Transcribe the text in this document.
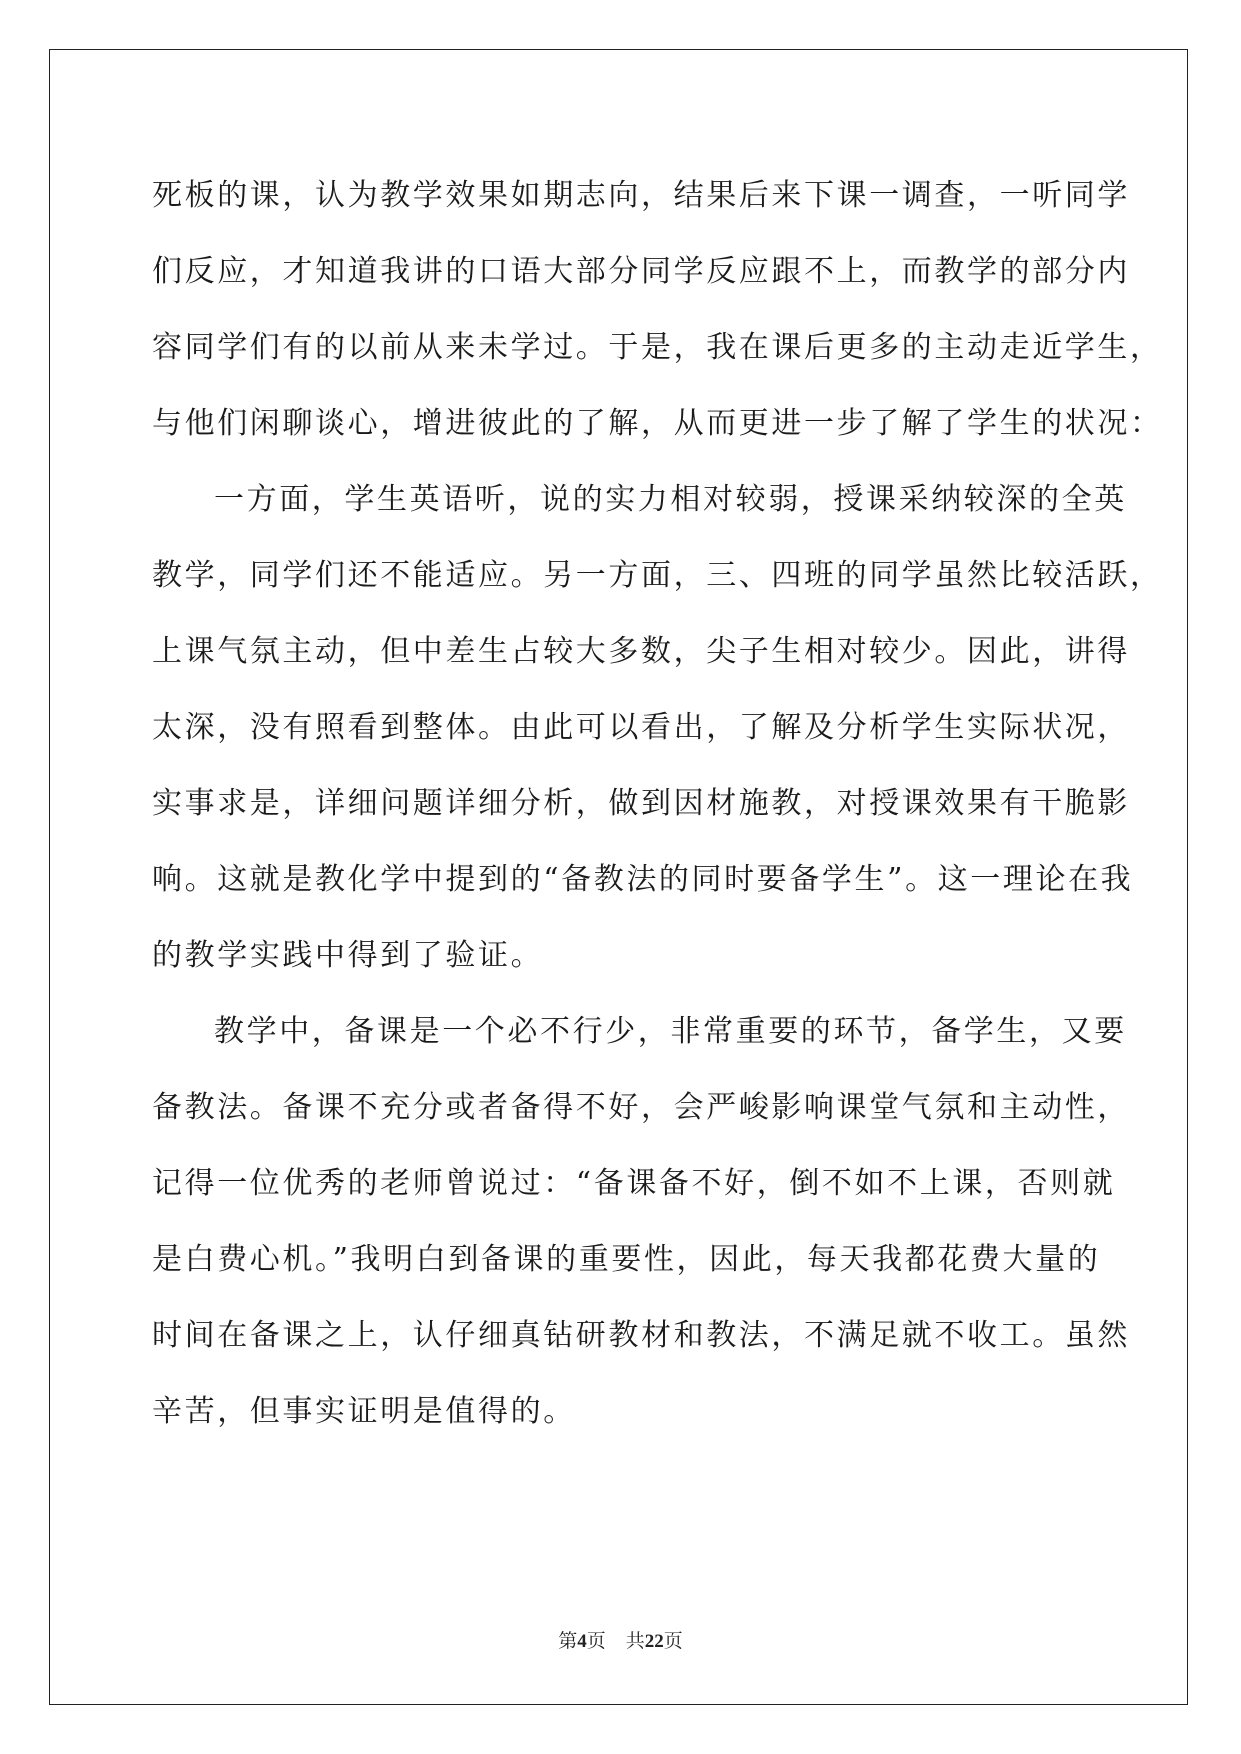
死板的课，认为教学效果如期志向，结果后来下课一调查，一听同学
们反应，才知道我讲的口语大部分同学反应跟不上，而教学的部分内
容同学们有的以前从来未学过。于是，我在课后更多的主动走近学生，
与他们闲聊谈心，增进彼此的了解，从而更进一步了解了学生的状况：

一方面，学生英语听，说的实力相对较弱，授课采纳较深的全英
教学，同学们还不能适应。另一方面，三、四班的同学虽然比较活跃，
上课气氛主动，但中差生占较大多数，尖子生相对较少。因此，讲得
太深，没有照看到整体。由此可以看出，了解及分析学生实际状况，
实事求是，详细问题详细分析，做到因材施教，对授课效果有干脆影
响。这就是教化学中提到的“备教法的同时要备学生”。这一理论在我
的教学实践中得到了验证。

教学中，备课是一个必不行少，非常重要的环节，备学生，又要
备教法。备课不充分或者备得不好，会严峻影响课堂气氛和主动性，
记得一位优秀的老师曾说过：“备课备不好，倒不如不上课，否则就
是白费心机。”我明白到备课的重要性，因此，每天我都花费大量的
时间在备课之上，认仔细真钻研教材和教法，不满足就不收工。虽然
辛苦，但事实证明是值得的。

第4页 共22页
